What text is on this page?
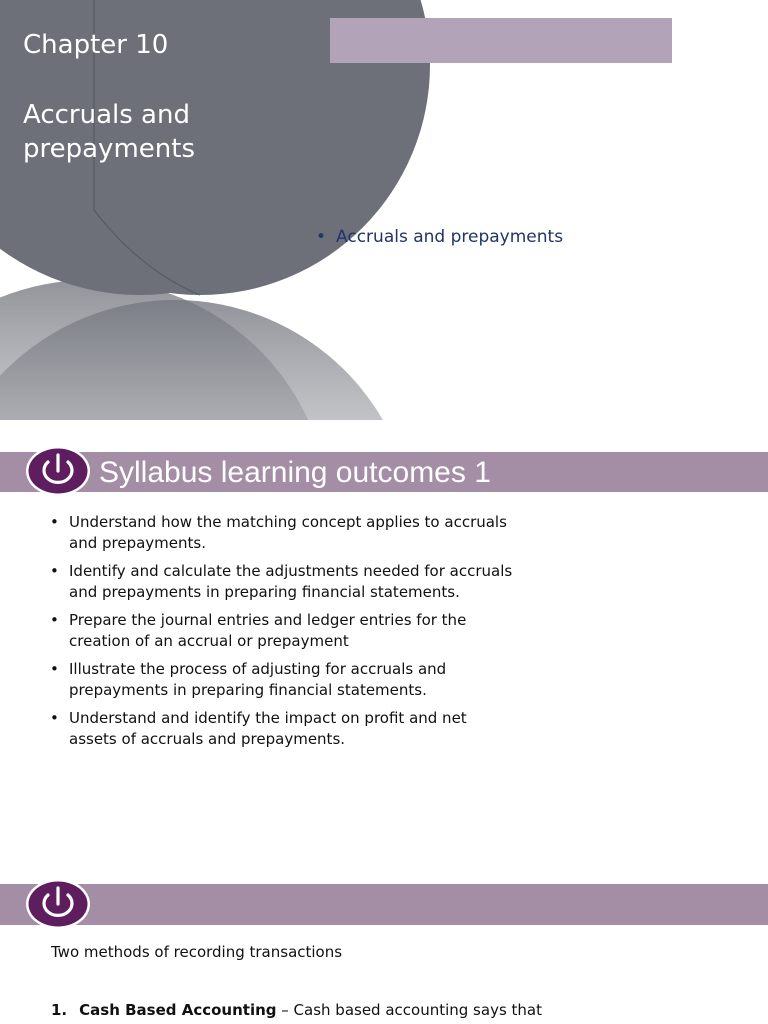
Chapter 10
Accruals and
prepayments
• Accruals and prepayments
Syllabus learning outcomes 1
• Understand how the matching concept applies to accruals
and prepayments.
• Identify and calculate the adjustments needed for accruals
and prepayments in preparing financial statements.
• Prepare the journal entries and ledger entries for the
creation of an accrual or prepayment
• Illustrate the process of adjusting for accruals and
prepayments in preparing financial statements.
• Understand and identify the impact on profit and net
assets of accruals and prepayments.
Two methods of recording transactions
1. Cash Based Accounting – Cash based accounting says that
